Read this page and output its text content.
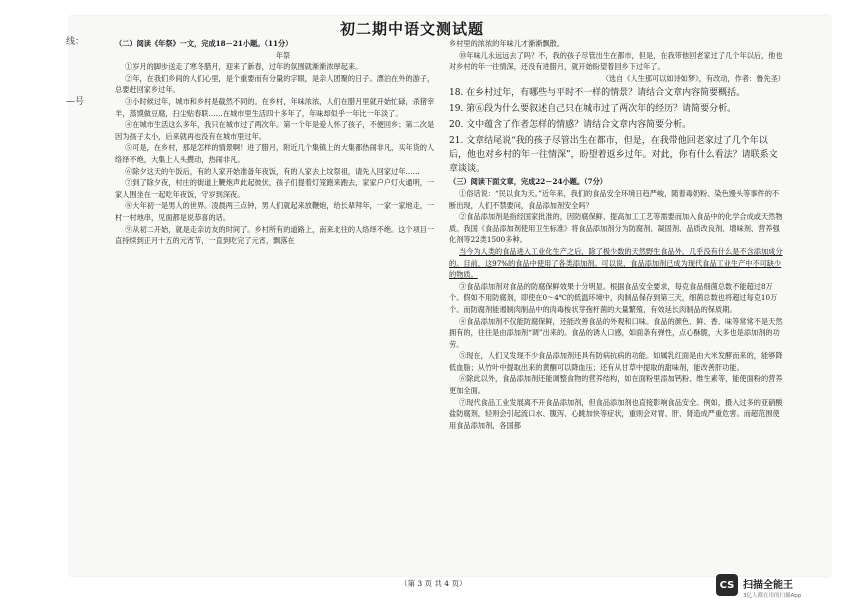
线：
—号
初二期中语文测试题

（二）阅读《年祭》一文，完成18－21小题。（11分）

年祭

①岁月的脚步送走了寒冬腊月，迎来了新春，过年的氛围就渐渐浓厚起来。

②年，在我们乡间的人们心里，是个重要而有分量的字眼，是亲人团聚的日子。漂泊在外的游子，总要赶回家乡过年。

③小时候过年，城市和乡村是截然不同的。在乡村，年味浓浓，人们在腊月里就开始忙碌，杀猪宰羊，蒸馍做豆腐，扫尘贴春联……在城市里生活四十多年了，年味却似乎一年比一年淡了。

④在城市生活这么多年，我只在城市过了两次年。第一个年是爱人怀了孩子，不便回乡；第二次是因为孩子太小，后来就再也没有在城市里过年。

⑤可是，在乡村，那是怎样的情景啊！进了腊月，附近几个集镇上的大集都热闹非凡，买年货的人络绎不绝，大集上人头攒动，热闹非凡。

⑥除夕这天的午饭后，有的人家开始准备年夜饭，有的人家去上坟祭祖，请先人回家过年……

⑦到了除夕夜，村庄的街道上鞭炮声此起彼伏，孩子们提着灯笼跑来跑去，家家户户灯火通明，一家人围坐在一起吃年夜饭，守岁到深夜。

⑧大年初一是男人的世界。凌晨两三点钟，男人们就起来放鞭炮，给长辈拜年，一家一家地走，一村一村地串，见面都是说恭喜的话。

⑨从初二开始，就是走亲访友的时间了。乡村所有的道路上，南来北往的人络绎不绝。这个项目一直持续到正月十五的元宵节，一直到吃完了元宵，飘落在

乡村里的浓浓的年味儿才渐渐飘散。

⑩年味儿永远远去了吗？不，我的孩子尽管出生在都市，但是，在我带他回老家过了几个年以后，他也对乡村的年一往情深，还没有进腊月，就开始盼望着回乡下过年了。

（选自《人生那可以如诗如梦》，有改动，作者：鲁先圣）

18. 在乡村过年，有哪些与平时不一样的情景？请结合文章内容简要概括。

19. 第⑥段为什么要叙述自己只在城市过了两次年的经历？请简要分析。

20. 文中蕴含了作者怎样的情感？请结合文章内容简要分析。

21. 文章结尾说“我的孩子尽管出生在都市，但是，在我带他回老家过了几个年以后，他也对乡村的年一往情深”，盼望着返乡过年。对此，你有什么看法？请联系文章谈谈。

（三）阅读下面文章，完成22－24小题。（7分）

①俗话说：“民以食为天。”近年来，我们的食品安全环境日趋严峻，随着毒奶粉、染色馒头等事件的不断出现，人们不禁要问，食品添加剂安全吗？

②食品添加剂是指经国家批准的，因防腐保鲜、提高加工工艺等需要而加入食品中的化学合成或天然物质。我国《食品添加剂使用卫生标准》将食品添加剂分为防腐剂、凝固剂、品质改良剂、增味剂、营养强化剂等22类1500多种。

当今为人类的食品进入工业化生产之后，除了极少数的天然野生食品外，几乎没有什么是不含添加成分的。目前，这97%的食品中使用了各类添加剂。可以说，食品添加剂已成为现代食品工业生产中不可缺少的物质。

③食品添加剂对食品的防腐保鲜效果十分明显。根据食品安全要求，每克食品细菌总数不能超过8万个。假如不用防腐剂，即使在0～4℃的低温环境中，肉制品保存到第三天，细菌总数也将超过每克10万个。而防腐剂能遏制肉制品中的肉毒梭状芽孢杆菌的大量繁殖，有效延长肉制品的保质期。

④食品添加剂不仅能防腐保鲜，还能改善食品的外观和口味。食品的颜色、鲜、香、味等常常不是天然拥有的，往往是由添加剂“调”出来的。食品的诱人口感，如面条有弹性，点心酥脆，大多也是添加剂的功劳。

⑤现在，人们又发现不少食品添加剂还具有防病抗病的功能。如属乳红面是由大米发酵而来的，能够降低血脂；从竹叶中提取出来的黄酮可以降血压；还有从甘草中提取的甜味剂，能改善肝功能。

⑥除此以外，食品添加剂还能调整食物的营养结构，如在面粉里添加钙粉、维生素等，能使面粉的营养更加全面。

⑦现代食品工业发展离不开食品添加剂，但食品添加剂也直接影响食品安全。例如，摄入过多的亚硝酸盐防腐剂，轻则会引起流口水、腹泻、心跳加快等症状，重则会对胃、肝、肾造成严重危害。而超范围使用食品添加剂，各国都

（第 3 页 共 4 页）	CS 扫描全能王
3亿人都在用的扫描App
